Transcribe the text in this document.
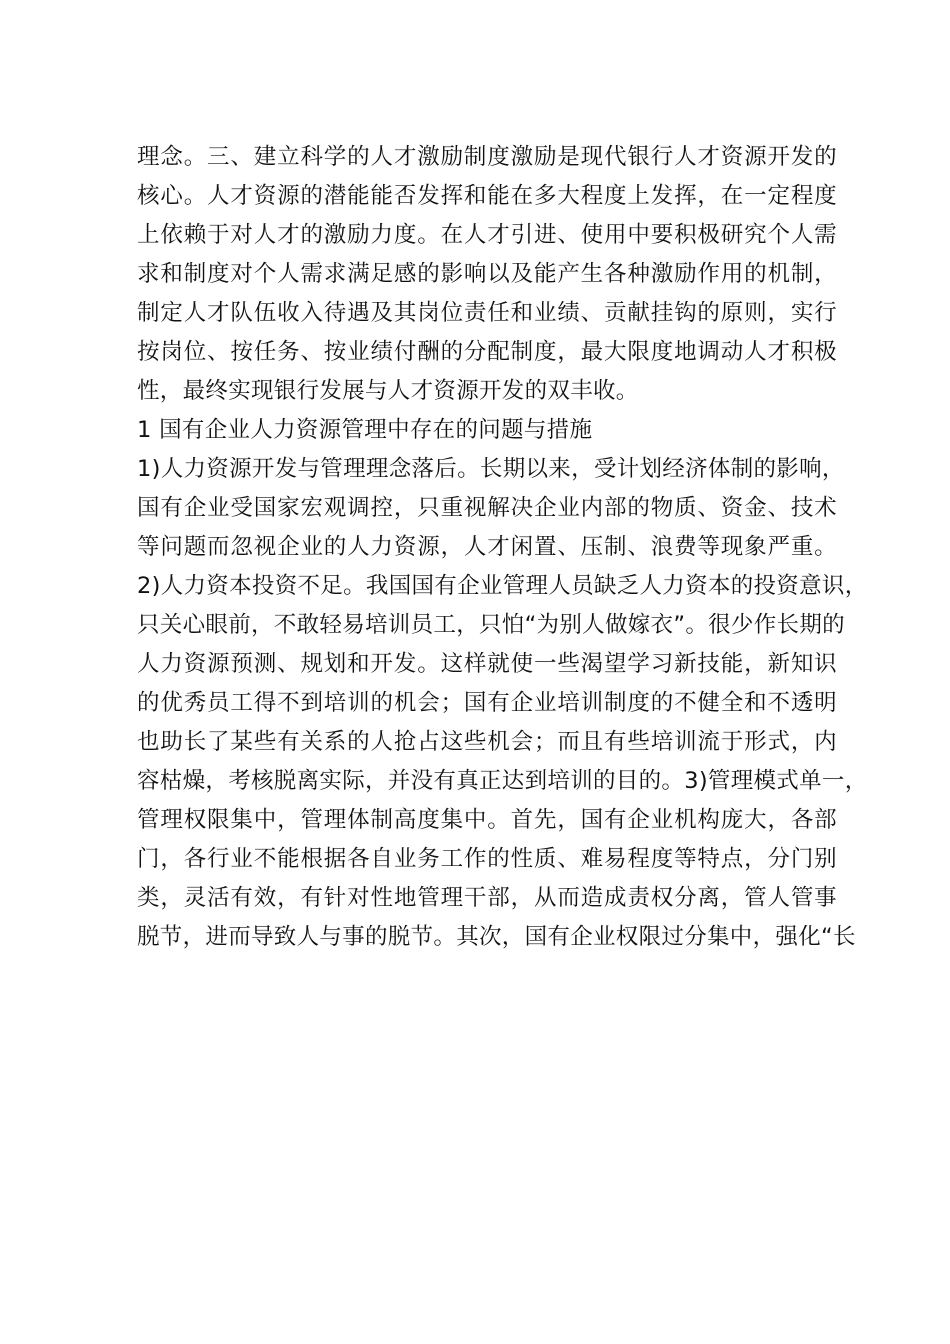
理念。三、建立科学的人才激励制度激励是现代银行人才资源开发的
核心。人才资源的潜能能否发挥和能在多大程度上发挥，在一定程度
上依赖于对人才的激励力度。在人才引进、使用中要积极研究个人需
求和制度对个人需求满足感的影响以及能产生各种激励作用的机制，
制定人才队伍收入待遇及其岗位责任和业绩、贡献挂钩的原则，实行
按岗位、按任务、按业绩付酬的分配制度，最大限度地调动人才积极
性，最终实现银行发展与人才资源开发的双丰收。
1 国有企业人力资源管理中存在的问题与措施
1)人力资源开发与管理理念落后。长期以来，受计划经济体制的影响，
国有企业受国家宏观调控，只重视解决企业内部的物质、资金、技术
等问题而忽视企业的人力资源，人才闲置、压制、浪费等现象严重。
2)人力资本投资不足。我国国有企业管理人员缺乏人力资本的投资意识，
只关心眼前，不敢轻易培训员工，只怕“为别人做嫁衣”。很少作长期的
人力资源预测、规划和开发。这样就使一些渴望学习新技能，新知识
的优秀员工得不到培训的机会；国有企业培训制度的不健全和不透明
也助长了某些有关系的人抢占这些机会；而且有些培训流于形式，内
容枯燥，考核脱离实际，并没有真正达到培训的目的。3)管理模式单一，
管理权限集中，管理体制高度集中。首先，国有企业机构庞大，各部
门，各行业不能根据各自业务工作的性质、难易程度等特点，分门别
类，灵活有效，有针对性地管理干部，从而造成责权分离，管人管事
脱节，进而导致人与事的脱节。其次，国有企业权限过分集中，强化“长
